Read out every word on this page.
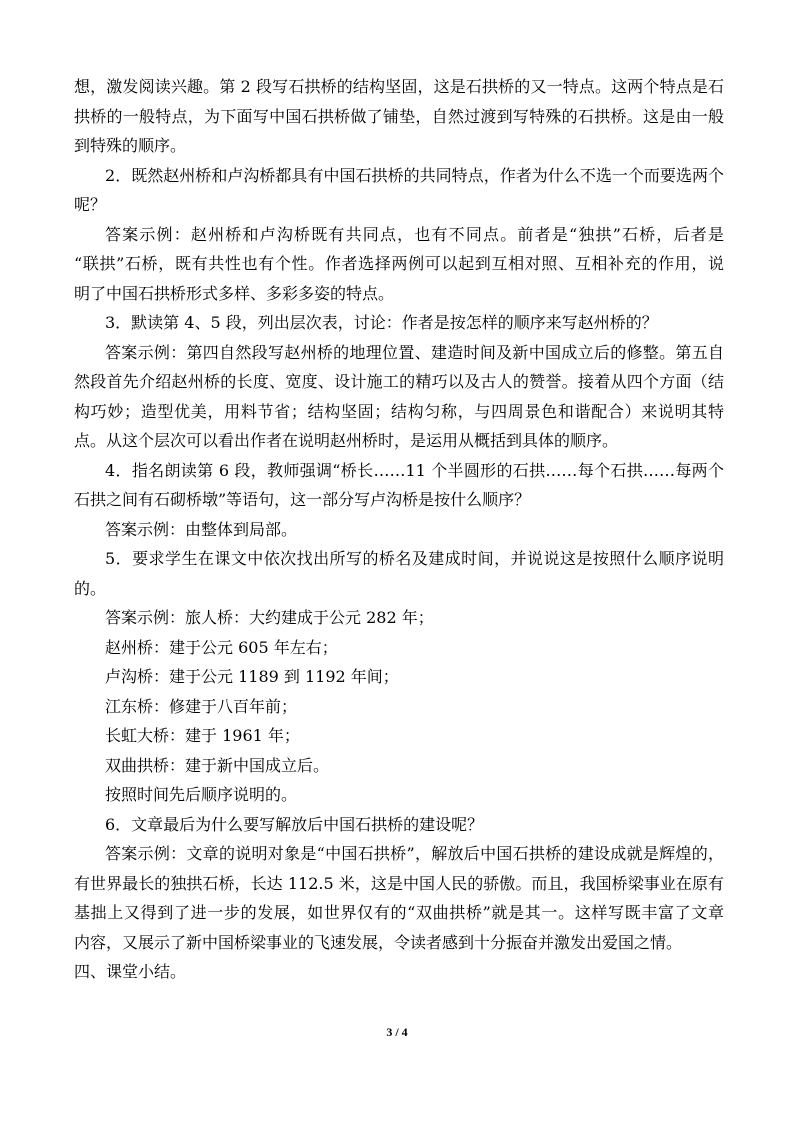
想，激发阅读兴趣。第 2 段写石拱桥的结构坚固，这是石拱桥的又一特点。这两个特点是石
拱桥的一般特点，为下面写中国石拱桥做了铺垫，自然过渡到写特殊的石拱桥。这是由一般
到特殊的顺序。
2．既然赵州桥和卢沟桥都具有中国石拱桥的共同特点，作者为什么不选一个而要选两个
呢？
答案示例：赵州桥和卢沟桥既有共同点，也有不同点。前者是“独拱”石桥，后者是
“联拱”石桥，既有共性也有个性。作者选择两例可以起到互相对照、互相补充的作用，说
明了中国石拱桥形式多样、多彩多姿的特点。
3．默读第 4、5 段，列出层次表，讨论：作者是按怎样的顺序来写赵州桥的？
答案示例：第四自然段写赵州桥的地理位置、建造时间及新中国成立后的修整。第五自
然段首先介绍赵州桥的长度、宽度、设计施工的精巧以及古人的赞誉。接着从四个方面（结
构巧妙；造型优美，用料节省；结构坚固；结构匀称，与四周景色和谐配合）来说明其特
点。从这个层次可以看出作者在说明赵州桥时，是运用从概括到具体的顺序。
4．指名朗读第 6 段，教师强调“桥长……11 个半圆形的石拱……每个石拱……每两个
石拱之间有石砌桥墩”等语句，这一部分写卢沟桥是按什么顺序？
答案示例：由整体到局部。
5．要求学生在课文中依次找出所写的桥名及建成时间，并说说这是按照什么顺序说明
的。
答案示例：旅人桥：大约建成于公元 282 年；
赵州桥：建于公元 605 年左右；
卢沟桥：建于公元 1189 到 1192 年间；
江东桥：修建于八百年前；
长虹大桥：建于 1961 年；
双曲拱桥：建于新中国成立后。
按照时间先后顺序说明的。
6．文章最后为什么要写解放后中国石拱桥的建设呢？
答案示例：文章的说明对象是“中国石拱桥”，解放后中国石拱桥的建设成就是辉煌的，
有世界最长的独拱石桥，长达 112.5 米，这是中国人民的骄傲。而且，我国桥梁事业在原有
基拙上又得到了进一步的发展，如世界仅有的“双曲拱桥”就是其一。这样写既丰富了文章
内容，又展示了新中国桥梁事业的飞速发展，令读者感到十分振奋并激发出爱国之情。
四、课堂小结。
3 / 4
